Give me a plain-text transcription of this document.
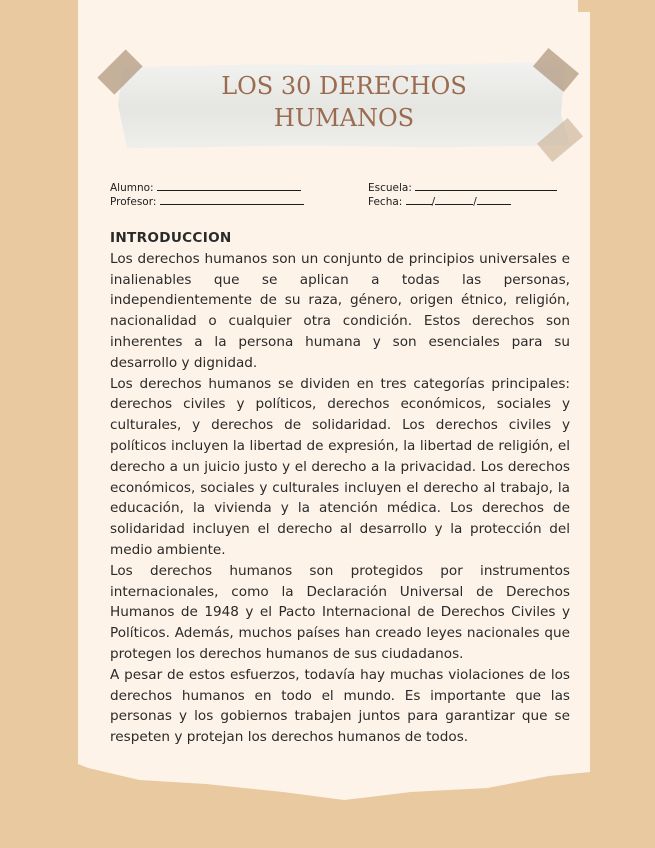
LOS 30 DERECHOS
HUMANOS
Alumno:	Escuela:
Profesor:	Fecha:	/	/
INTRODUCCION

Los derechos humanos son un conjunto de principios universales e inalienables que se aplican a todas las personas, independientemente de su raza, género, origen étnico, religión, nacionalidad o cualquier otra condición. Estos derechos son inherentes a la persona humana y son esenciales para su desarrollo y dignidad.

Los derechos humanos se dividen en tres categorías principales: derechos civiles y políticos, derechos económicos, sociales y culturales, y derechos de solidaridad. Los derechos civiles y políticos incluyen la libertad de expresión, la libertad de religión, el derecho a un juicio justo y el derecho a la privacidad. Los derechos económicos, sociales y culturales incluyen el derecho al trabajo, la educación, la vivienda y la atención médica. Los derechos de solidaridad incluyen el derecho al desarrollo y la protección del medio ambiente.

Los derechos humanos son protegidos por instrumentos internacionales, como la Declaración Universal de Derechos Humanos de 1948 y el Pacto Internacional de Derechos Civiles y Políticos. Además, muchos países han creado leyes nacionales que protegen los derechos humanos de sus ciudadanos.

A pesar de estos esfuerzos, todavía hay muchas violaciones de los derechos humanos en todo el mundo. Es importante que las personas y los gobiernos trabajen juntos para garantizar que se respeten y protejan los derechos humanos de todos.
